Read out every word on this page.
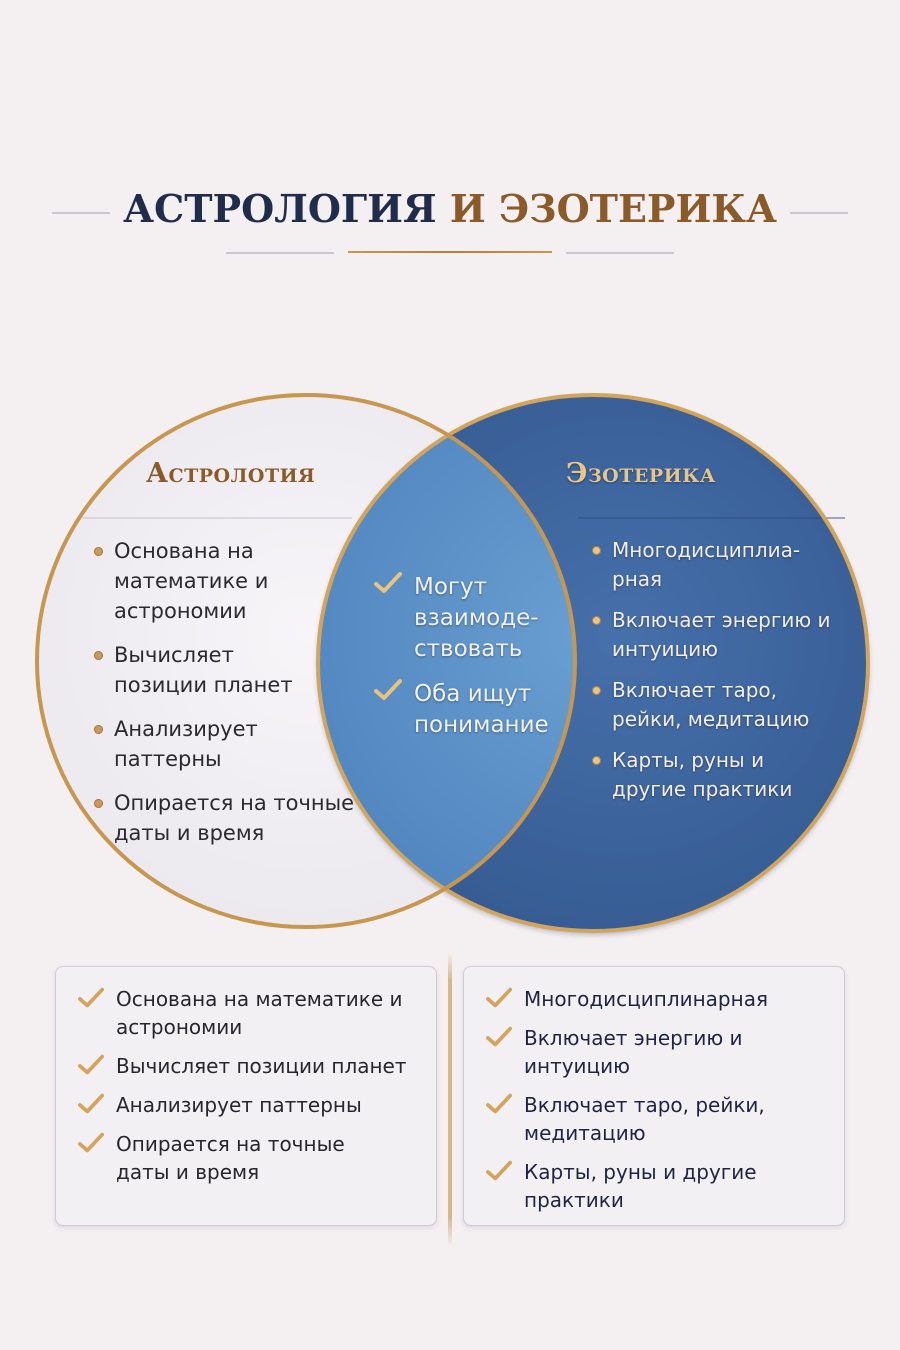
АСТРОЛОГИЯ И ЭЗОТЕРИКА
Астролотия	Эзотерика
Основана на математике и астрономии
Вычисляет позиции планет
Анализирует паттерны
Опирается на точные даты и время
Могут взаимоде-ствовать
Оба ищут понимание
Многодисциплиа-рная
Включает энергию и интуицию
Включает таро, рейки, медитацию
Карты, руны и другие практики
Основана на математике и астрономии
Вычисляет позиции планет
Анализирует паттерны
Опирается на точные даты и время
Многодисциплинарная
Включает энергию и интуицию
Включает таро, рейки, медитацию
Карты, руны и другие практики
